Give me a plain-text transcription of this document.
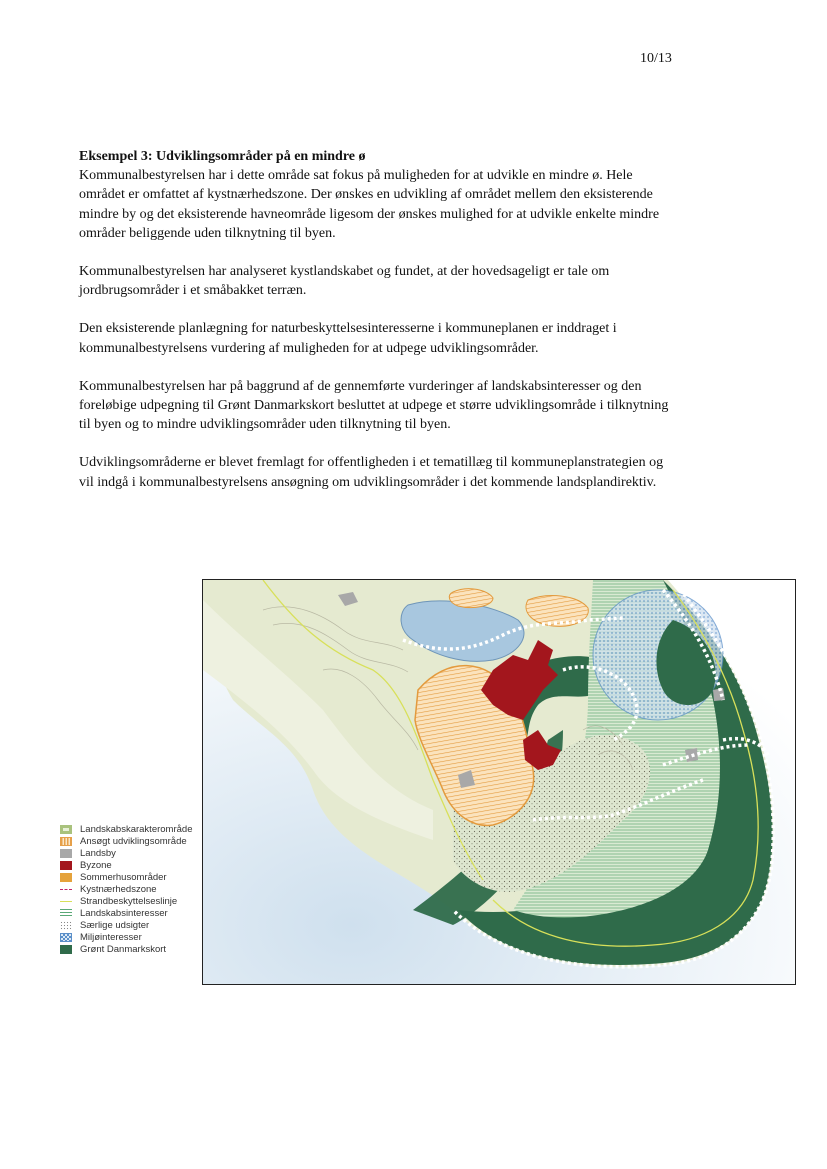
10/13

Eksempel 3: Udviklingsområder på en mindre ø

Kommunalbestyrelsen har i dette område sat fokus på muligheden for at udvikle en mindre ø. Hele området er omfattet af kystnærhedszone. Der ønskes en udvikling af området mellem den eksisterende mindre by og det eksisterende havneområde ligesom der ønskes mulighed for at udvikle enkelte mindre områder beliggende uden tilknytning til byen.

Kommunalbestyrelsen har analyseret kystlandskabet og fundet, at der hovedsageligt er tale om jordbrugsområder i et småbakket terræn.

Den eksisterende planlægning for naturbeskyttelsesinteresserne i kommuneplanen er inddraget i kommunalbestyrelsens vurdering af muligheden for at udpege udviklingsområder.

Kommunalbestyrelsen har på baggrund af de gennemførte vurderinger af landskabsinteresser og den foreløbige udpegning til Grønt Danmarkskort besluttet at udpege et større udviklingsområde i tilknytning til byen og to mindre udviklingsområder uden tilknytning til byen.

Udviklingsområderne er blevet fremlagt for offentligheden i et tematillæg til kommuneplanstrategien og vil indgå i kommunalbestyrelsens ansøgning om udviklingsområder i det kommende landsplandirektiv.

Landskabskarakterområde
Ansøgt udviklingsområde
Landsby
Byzone
Sommerhusområder
Kystnærhedszone
Strandbeskyttelseslinje
Landskabsinteresser
Særlige udsigter
Miljøinteresser
Grønt Danmarkskort
